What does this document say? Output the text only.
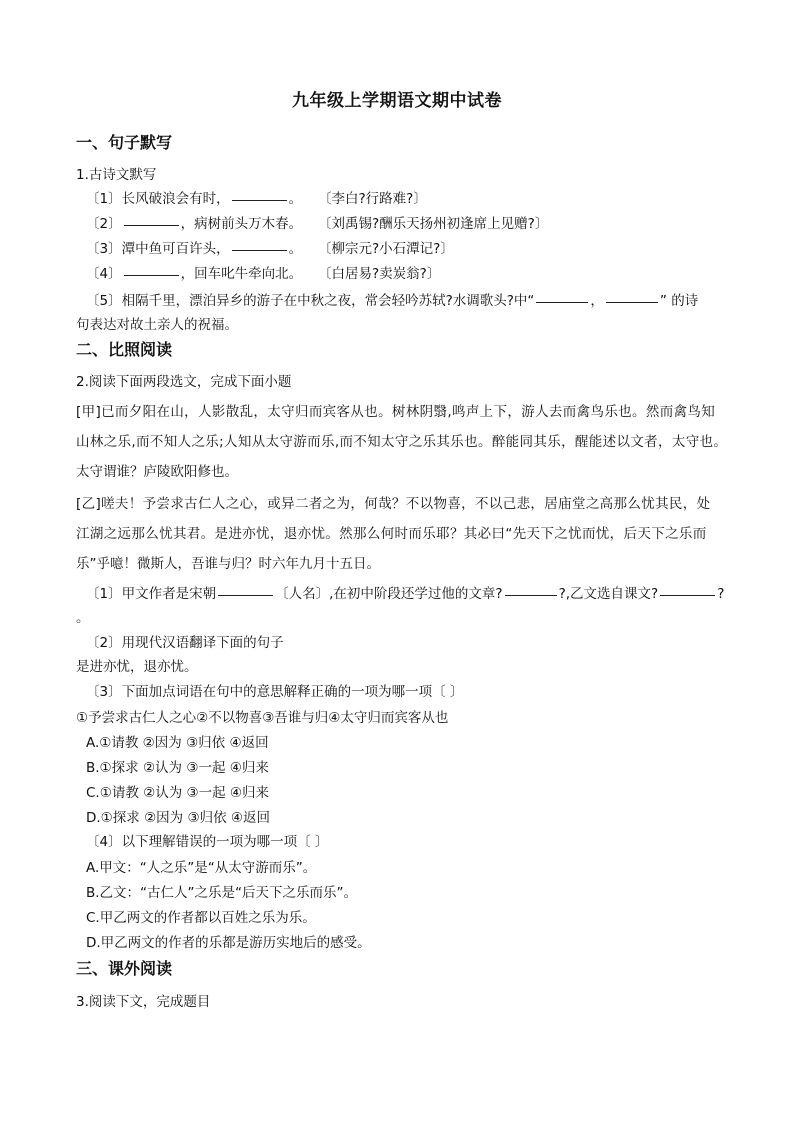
九年级上学期语文期中试卷
一、句子默写
1.古诗文默写
〔1〕长风破浪会有时，	。 〔李白?行路难?〕
〔2〕	，病树前头万木春。 〔刘禹锡?酬乐天扬州初逢席上见赠?〕
〔3〕潭中鱼可百许头，	。 〔柳宗元?小石潭记?〕
〔4〕	，回车叱牛牵向北。 〔白居易?卖炭翁?〕
〔5〕相隔千里，漂泊异乡的游子在中秋之夜，常会轻吟苏轼?水调歌头?中“	，	” 的诗
句表达对故土亲人的祝福。
二、比照阅读
2.阅读下面两段选文，完成下面小题
[甲]已而夕阳在山，人影散乱，太守归而宾客从也。树林阴翳,鸣声上下，游人去而禽鸟乐也。然而禽鸟知
山林之乐,而不知人之乐;人知从太守游而乐,而不知太守之乐其乐也。醉能同其乐，醒能述以文者，太守也。
太守谓谁？庐陵欧阳修也。
[乙]嗟夫！予尝求古仁人之心，或异二者之为，何哉？不以物喜，不以己悲，居庙堂之高那么忧其民，处
江湖之远那么忧其君。是进亦忧，退亦忧。然那么何时而乐耶？其必曰“先天下之忧而忧，后天下之乐而
乐”乎噫！微斯人，吾谁与归？时六年九月十五日。
〔1〕甲文作者是宋朝	〔人名〕,在初中阶段还学过他的文章?	?,乙文选自课文?	?
。
〔2〕用现代汉语翻译下面的句子
是进亦忧，退亦忧。
〔3〕下面加点词语在句中的意思解释正确的一项为哪一项〔 〕
①予尝求古仁人之心②不以物喜③吾谁与归④太守归而宾客从也
A.①请教 ②因为 ③归依 ④返回
B.①探求 ②认为 ③一起 ④归来
C.①请教 ②认为 ③一起 ④归来
D.①探求 ②因为 ③归依 ④返回
〔4〕以下理解错误的一项为哪一项〔 〕
A.甲文：“人之乐”是“从太守游而乐”。
B.乙文：“古仁人”之乐是“后天下之乐而乐”。
C.甲乙两文的作者都以百姓之乐为乐。
D.甲乙两文的作者的乐都是游历实地后的感受。
三、课外阅读
3.阅读下文，完成题目
